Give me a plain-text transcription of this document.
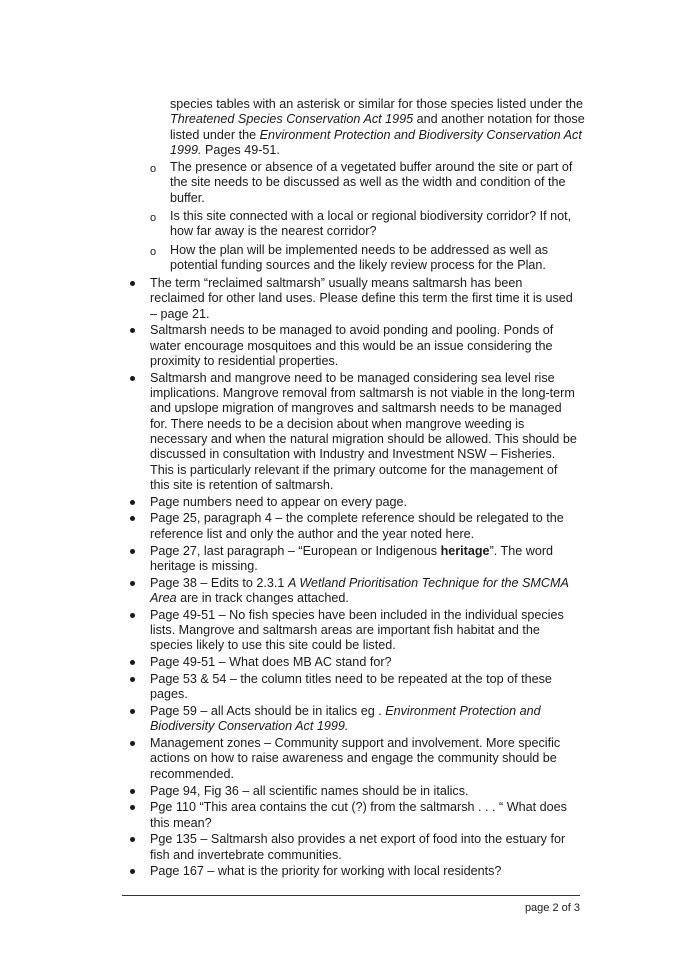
species tables with an asterisk or similar for those species listed under the Threatened Species Conservation Act 1995 and another notation for those listed under the Environment Protection and Biodiversity Conservation Act 1999. Pages 49-51.
o The presence or absence of a vegetated buffer around the site or part of the site needs to be discussed as well as the width and condition of the buffer.
o Is this site connected with a local or regional biodiversity corridor? If not, how far away is the nearest corridor?
o How the plan will be implemented needs to be addressed as well as potential funding sources and the likely review process for the Plan.
The term “reclaimed saltmarsh” usually means saltmarsh has been reclaimed for other land uses. Please define this term the first time it is used – page 21.
Saltmarsh needs to be managed to avoid ponding and pooling. Ponds of water encourage mosquitoes and this would be an issue considering the proximity to residential properties.
Saltmarsh and mangrove need to be managed considering sea level rise implications. Mangrove removal from saltmarsh is not viable in the long-term and upslope migration of mangroves and saltmarsh needs to be managed for. There needs to be a decision about when mangrove weeding is necessary and when the natural migration should be allowed. This should be discussed in consultation with Industry and Investment NSW – Fisheries. This is particularly relevant if the primary outcome for the management of this site is retention of saltmarsh.
Page numbers need to appear on every page.
Page 25, paragraph 4 – the complete reference should be relegated to the reference list and only the author and the year noted here.
Page 27, last paragraph – “European or Indigenous heritage”. The word heritage is missing.
Page 38 – Edits to 2.3.1 A Wetland Prioritisation Technique for the SMCMA Area are in track changes attached.
Page 49-51 – No fish species have been included in the individual species lists. Mangrove and saltmarsh areas are important fish habitat and the species likely to use this site could be listed.
Page 49-51 – What does MB AC stand for?
Page 53 & 54 – the column titles need to be repeated at the top of these pages.
Page 59 – all Acts should be in italics eg . Environment Protection and Biodiversity Conservation Act 1999.
Management zones – Community support and involvement. More specific actions on how to raise awareness and engage the community should be recommended.
Page 94, Fig 36 – all scientific names should be in italics.
Pge 110 “This area contains the cut (?) from the saltmarsh . . . “ What does this mean?
Pge 135 – Saltmarsh also provides a net export of food into the estuary for fish and invertebrate communities.
Page 167 – what is the priority for working with local residents?
page 2 of 3
